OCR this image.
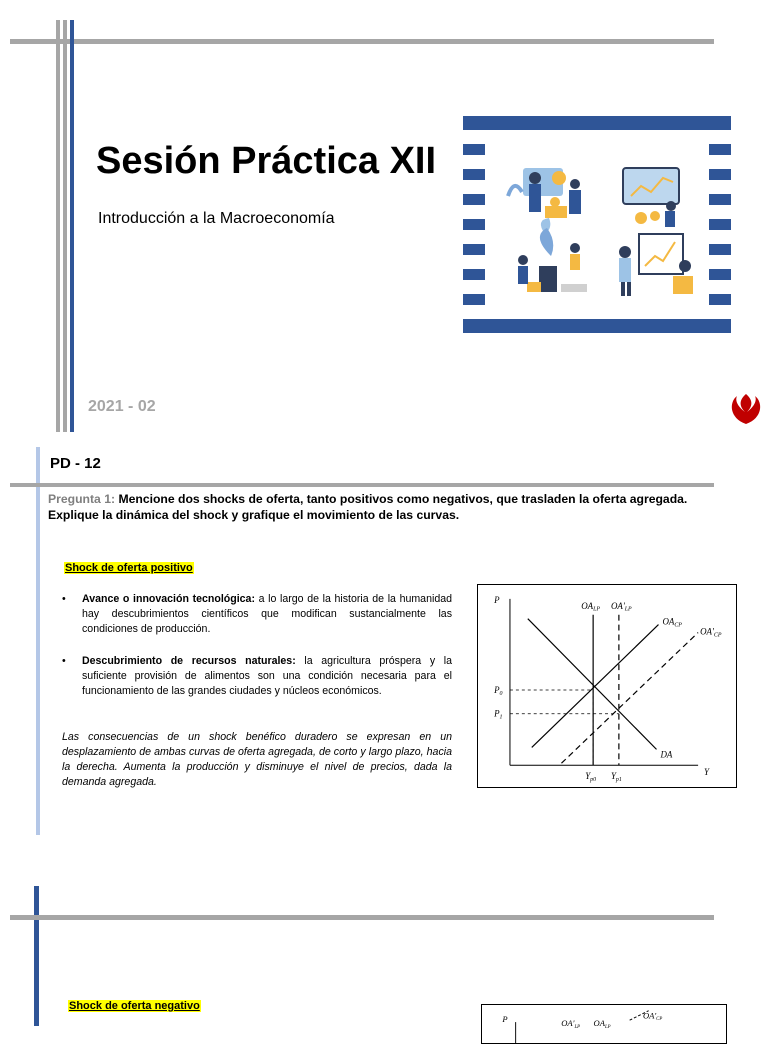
Sesión Práctica XII
Introducción a la Macroeconomía
2021 - 02
PD - 12
Pregunta 1: Mencione dos shocks de oferta, tanto positivos como negativos, que trasladen la oferta agregada. Explique la dinámica del shock y grafique el movimiento de las curvas.
Shock de oferta positivo
• Avance o innovación tecnológica: a lo largo de la historia de la humanidad hay descubrimientos científicos que modifican sustancialmente las condiciones de producción.
• Descubrimiento de recursos naturales: la agricultura próspera y la suficiente provisión de alimentos son una condición necesaria para el funcionamiento de las grandes ciudades y núcleos económicos.
Las consecuencias de un shock benéfico duradero se expresan en un desplazamiento de ambas curvas de oferta agregada, de corto y largo plazo, hacia la derecha. Aumenta la producción y disminuye el nivel de precios, dada la demanda agregada.
P
Y
$OA_{LP}$ $OA'_{LP}$
$OA_{CP}$
$OA'_{CP}$
DA
$P_0$
$P_1$
$Y_{p0}$ $Y_{p1}$
Shock de oferta negativo
P	$OA'_{LP}$ $OA_{LP}$
$OA'_{CP}$
